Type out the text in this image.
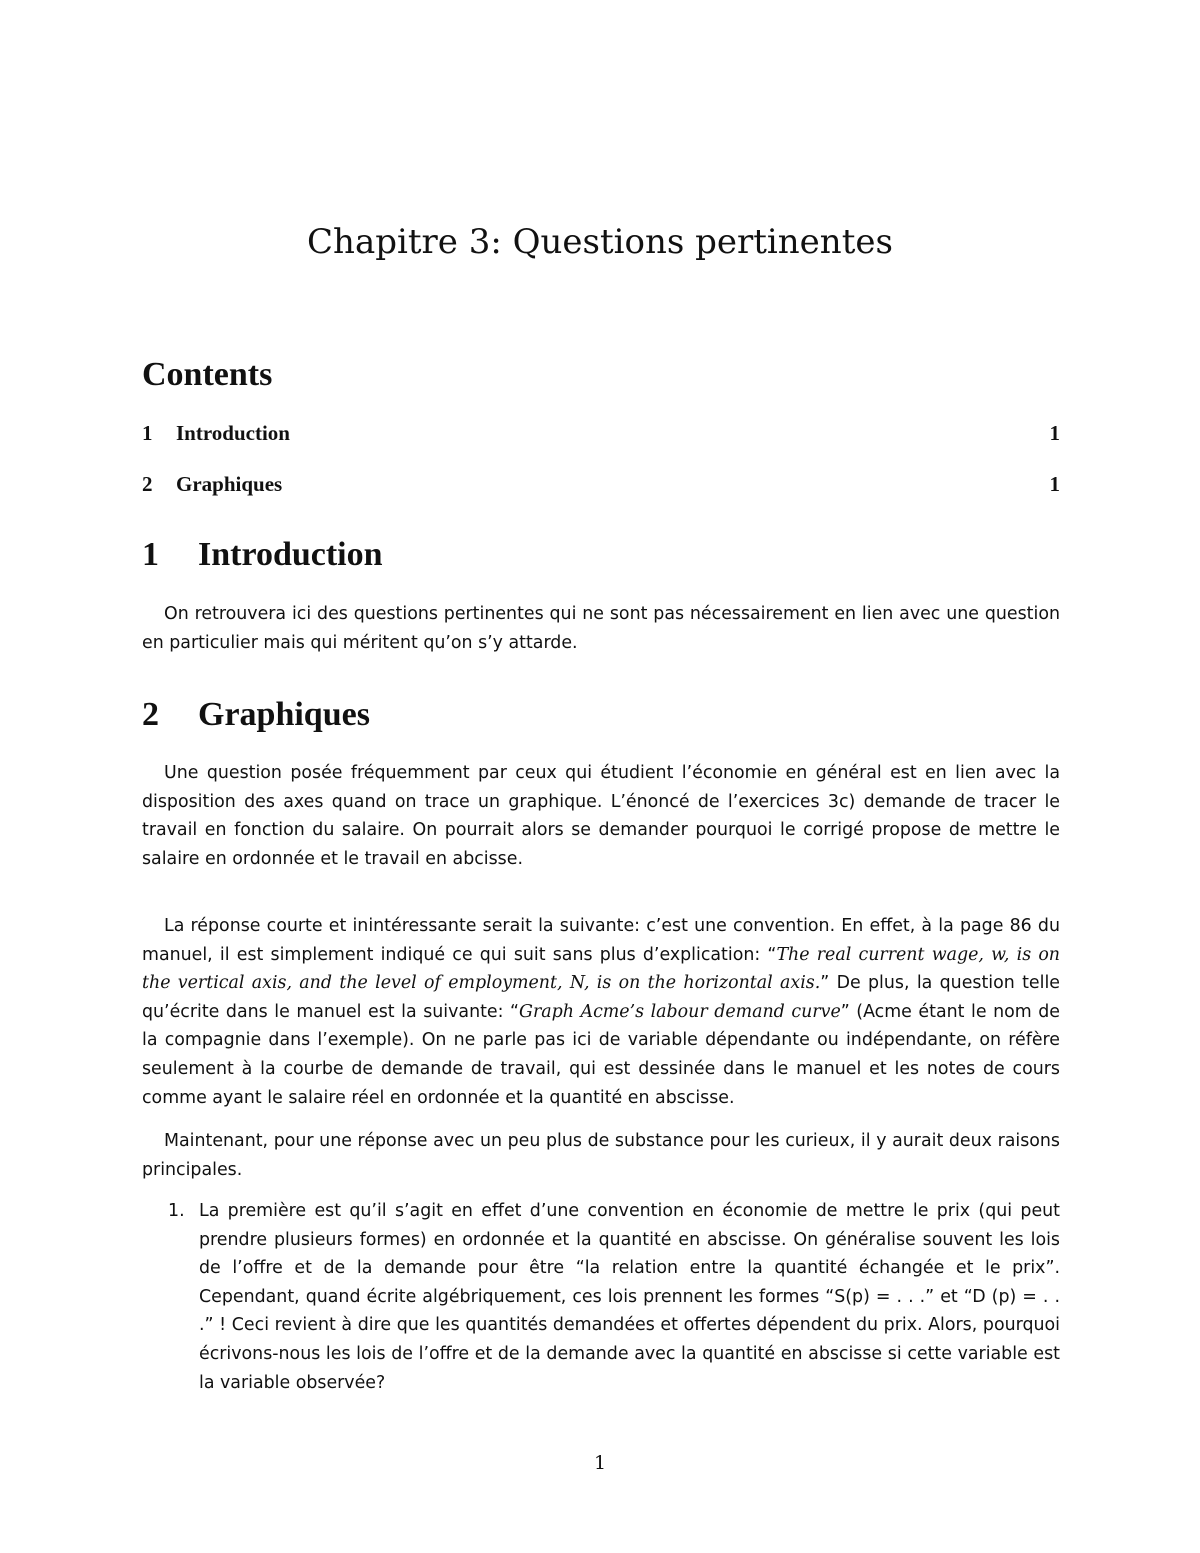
Chapitre 3: Questions pertinentes
Contents
1 Introduction	1
2 Graphiques	1
1 Introduction

On retrouvera ici des questions pertinentes qui ne sont pas nécessairement en lien avec une question en particulier mais qui méritent qu’on s’y attarde.

2 Graphiques

Une question posée fréquemment par ceux qui étudient l’économie en général est en lien avec la disposition des axes quand on trace un graphique. L’énoncé de l’exercices 3c) demande de tracer le travail en fonction du salaire. On pourrait alors se demander pourquoi le corrigé propose de mettre le salaire en ordonnée et le travail en abcisse.

La réponse courte et inintéressante serait la suivante: c’est une convention. En effet, à la page 86 du manuel, il est simplement indiqué ce qui suit sans plus d’explication: “The real current wage, w, is on the vertical axis, and the level of employment, N, is on the horizontal axis.” De plus, la question telle qu’écrite dans le manuel est la suivante: “Graph Acme’s labour demand curve” (Acme étant le nom de la compagnie dans l’exemple). On ne parle pas ici de variable dépendante ou indépendante, on réfère seulement à la courbe de demande de travail, qui est dessinée dans le manuel et les notes de cours comme ayant le salaire réel en ordonnée et la quantité en abscisse.

Maintenant, pour une réponse avec un peu plus de substance pour les curieux, il y aurait deux raisons principales.

1. La première est qu’il s’agit en effet d’une convention en économie de mettre le prix (qui peut prendre plusieurs formes) en ordonnée et la quantité en abscisse. On généralise souvent les lois de l’offre et de la demande pour être “la relation entre la quantité échangée et le prix”. Cependant, quand écrite algébriquement, ces lois prennent les formes “S(p) = . . .” et “D (p) = . . .” ! Ceci revient à dire que les quantités demandées et offertes dépendent du prix. Alors, pourquoi écrivons-nous les lois de l’offre et de la demande avec la quantité en abscisse si cette variable est la variable observée?
1
